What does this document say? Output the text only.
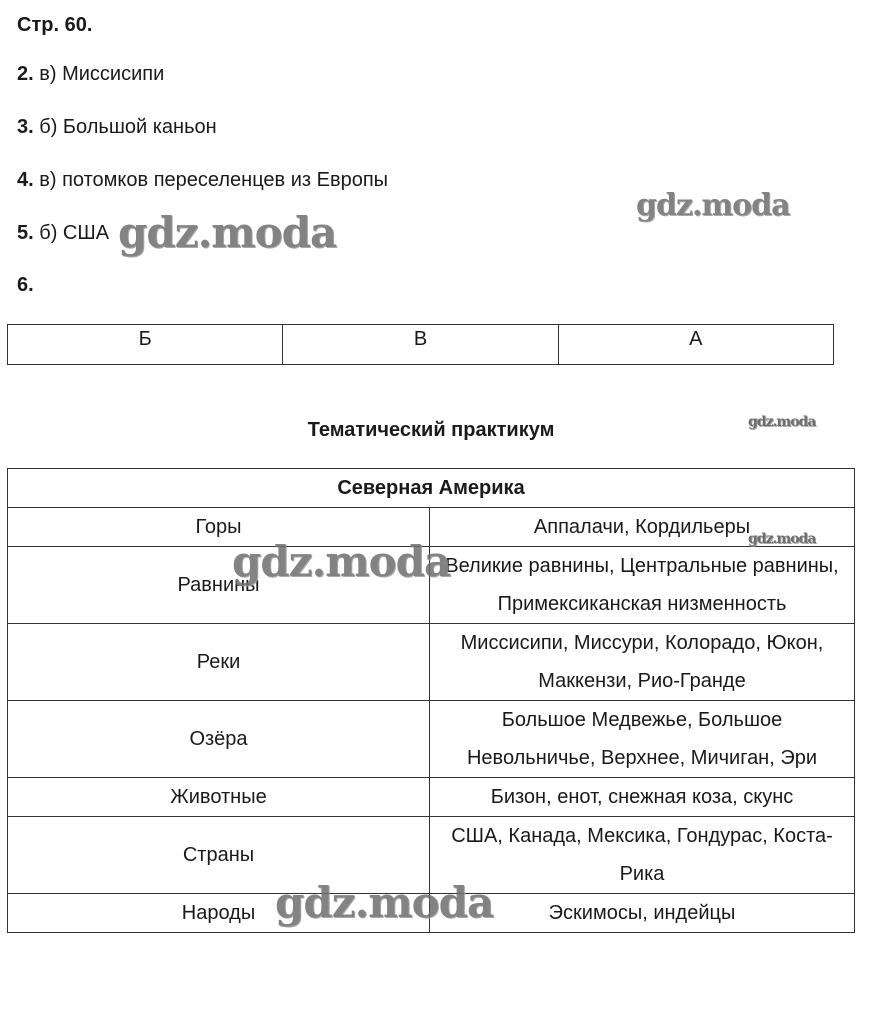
Стр. 60.
2. в) Миссисипи
3. б) Большой каньон
4. в) потомков переселенцев из Европы
5. б) США
6.
Б	В	А
Тематический практикум
Северная Америка	
Горы	Аппалачи, Кордильеры
Равнины	Великие равнины, Центральные равнины, Примексиканская низменность
Реки	Миссисипи, Миссури, Колорадо, Юкон, Маккензи, Рио-Гранде
Озёра	Большое Медвежье, Большое Невольничье, Верхнее, Мичиган, Эри
Животные	Бизон, енот, снежная коза, скунс
Страны	США, Канада, Мексика, Гондурас, Коста-Рика
Народы	Эскимосы, индейцы
gdz.moda
gdz.moda
gdz.moda
gdz.moda
gdz.moda
gdz.moda
